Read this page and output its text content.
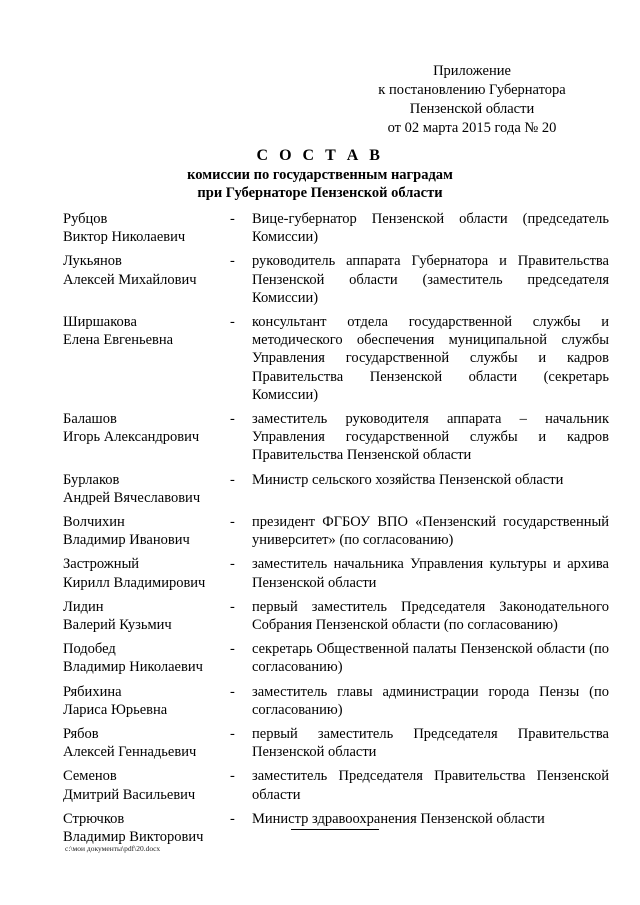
Приложение
к постановлению Губернатора
Пензенской области
от 02 марта 2015 года № 20
С О С Т А В
комиссии по государственным наградам
при Губернаторе Пензенской области
Рубцов
Виктор Николаевич
-	Вице-губернатор Пензенской области (председатель Комиссии)
Лукьянов
Алексей Михайлович
-	руководитель аппарата Губернатора и Правительства Пензенской области (заместитель председателя Комиссии)
Ширшакова
Елена Евгеньевна
-	консультант отдела государственной службы и методического обеспечения муниципальной службы Управления государственной службы и кадров Правительства Пензенской области (секретарь Комиссии)
Балашов
Игорь Александрович
-	заместитель руководителя аппарата – начальник Управления государственной службы и кадров Правительства Пензенской области
Бурлаков
Андрей Вячеславович
-	Министр сельского хозяйства Пензенской области
Волчихин
Владимир Иванович
-	президент ФГБОУ ВПО «Пензенский государственный университет» (по согласованию)
Застрожный
Кирилл Владимирович
-	заместитель начальника Управления культуры и архива Пензенской области
Лидин
Валерий Кузьмич
-	первый заместитель Председателя Законодательного Собрания Пензенской области (по согласованию)
Подобед
Владимир Николаевич
-	секретарь Общественной палаты Пензенской области (по согласованию)
Рябихина
Лариса Юрьевна
-	заместитель главы администрации города Пензы (по согласованию)
Рябов
Алексей Геннадьевич
-	первый заместитель Председателя Правительства Пензенской области
Семенов
Дмитрий Васильевич
-	заместитель Председателя Правительства Пензенской области
Стрючков
Владимир Викторович
-	Министр здравоохранения Пензенской области
c:\мои документы\pdf\20.docx
